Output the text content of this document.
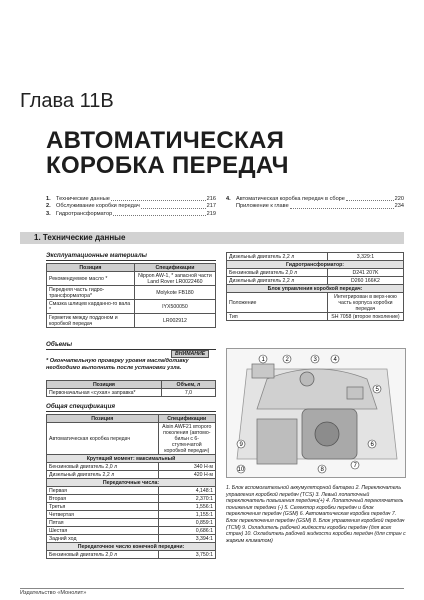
Глава 11В
АВТОМАТИЧЕСКАЯ
КОРОБКА ПЕРЕДАЧ
1. Технические данные	216
2. Обслуживание коробки передач	217
3. Гидротрансформатор	219
4. Автоматическая коробка передач в сборе	220
Приложение к главе	234
1. Технические данные
Эксплуатационные материалы
Позиция	Спецификации
Рекомендуемое масло *	Nippon AW-1, * запасной части Land Rover LR0022460
Передняя часть гидро-трансформатора*	Molykote FB180
Смазка шлицев карданно-го вала *	IYX500050
Герметик между поддоном и коробкой передач	LR002912
Объемы
ВНИМАНИЕ
* Окончательную проверку уровня масла/доливку необходимо выполнить после установки узла.
Позиция	Объем, л
Первоначальная «сухая» заправка*	7,0
Общая спецификация
Позиция	Спецификации
Автоматическая коробка передач	Aisin AWF21 второго поколения (автомо-бильн с 6-ступенчатой коробкой передач)
Крутящий момент: максимальный	
Бензиновый двигатель 2,0 л	340 Н·м
Дизельный двигатель 2,2 л	420 Н·м
Передаточные числа:	
Первая	4,148:1
Вторая	2,370:1
Третья	1,556:1
Четвертая	1,155:1
Пятая	0,859:1
Шестая	0,686:1
Задний ход	3,394:1
Передаточное число конечной передачи:	
Бензиновый двигатель 2,0 л	3,750:1
Дизельный двигатель 2,2 л	3,329:1
Гидротрансформатор:	
Бензиновый двигатель 2,0 л	D241 207K
Дизельный двигатель 2,2 л	D260 166K2
Блок управления коробкой передач:	
Положение	Интегрирован в верх-нюю часть корпуса коробки передач
Тип	SH 7058 (второе поколение)
1	2	3	4
5
6
7
8
9
10
1. Блок вспомогательной аккумуляторной батареи 2. Переключатель управления коробкой передач (TCS) 3. Левый лопаточный переключатель повышения передачи(+) 4. Лопаточный переключатель понижения передачи (-) 5. Селектор коробки передач и блок переключения передач (GSM) 6. Автоматическая коробка передач 7. Блок переключения передач (GSM) 8. Блок управления коробкой передач (TCM) 9. Охладитель рабочей жидкости коробки передач (для всех стран) 10. Охладитель рабочей жидкости коробки передач (для стран с жарким климатом)
Издательство «Монолит»
